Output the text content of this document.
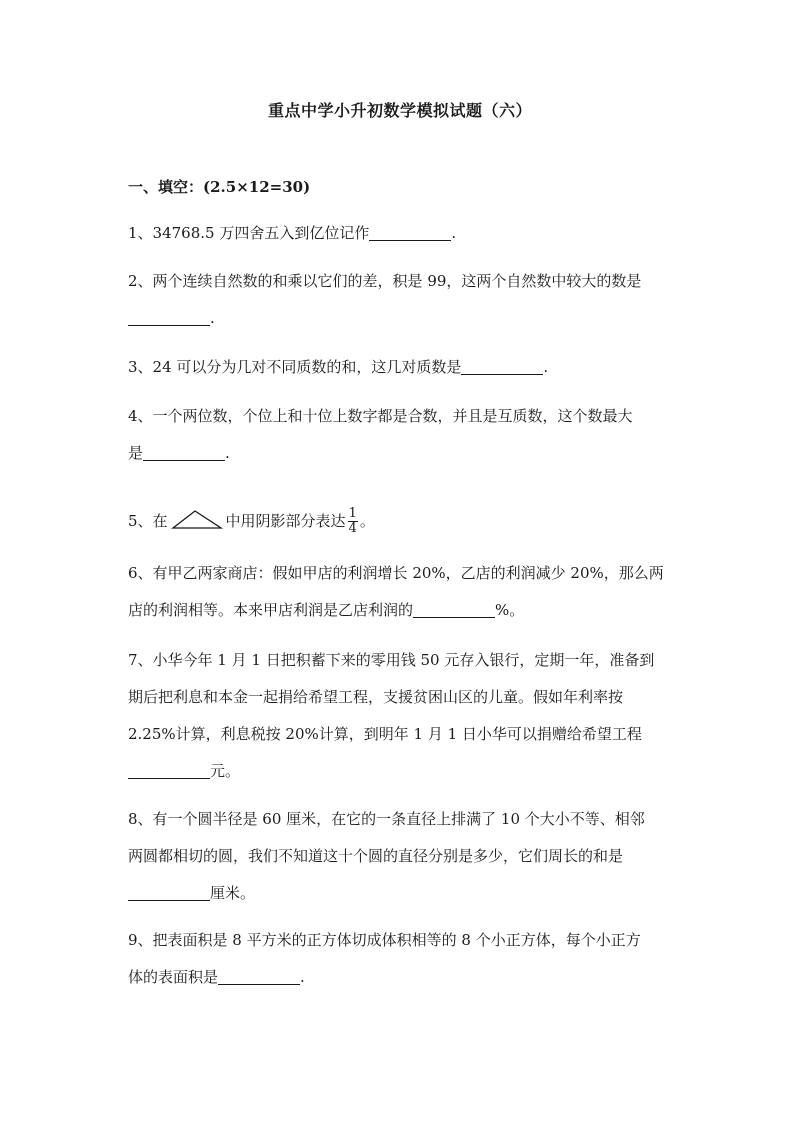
重点中学小升初数学模拟试题（六）
一、填空：(2.5×12=30)
1、34768.5 万四舍五入到亿位记作	.
2、两个连续自然数的和乘以它们的差，积是 99，这两个自然数中较大的数是
.
3、24 可以分为几对不同质数的和，这几对质数是	.
4、一个两位数，个位上和十位上数字都是合数，并且是互质数，这个数最大
是	.
5、在	中用阴影部分表达 $\frac{1}{4}$ 。
6、有甲乙两家商店：假如甲店的利润增长 20%，乙店的利润减少 20%，那么两
店的利润相等。本来甲店利润是乙店利润的	%。
7、小华今年 1 月 1 日把积蓄下来的零用钱 50 元存入银行，定期一年，准备到
期后把利息和本金一起捐给希望工程，支援贫困山区的儿童。假如年利率按
2.25%计算，利息税按 20%计算，到明年 1 月 1 日小华可以捐赠给希望工程
元。
8、有一个圆半径是 60 厘米，在它的一条直径上排满了 10 个大小不等、相邻
两圆都相切的圆，我们不知道这十个圆的直径分别是多少，它们周长的和是
厘米。
9、把表面积是 8 平方米的正方体切成体积相等的 8 个小正方体，每个小正方
体的表面积是	.
